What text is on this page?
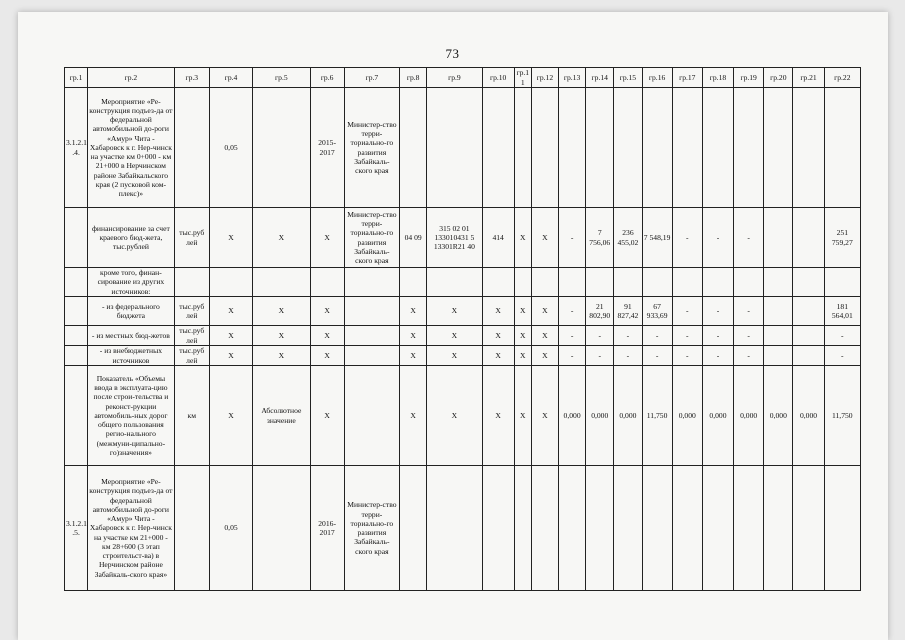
73
гр.1	гр.2	гр.3	гр.4	гр.5	гр.6	гр.7	гр.8	гр.9	гр.10	гр.1 1	гр.12	гр.13	гр.14	гр.15	гр.16	гр.17	гр.18	гр.19	гр.20	гр.21	гр.22
3.1.2.1 .4.	Мероприятие «Ре-конструкция подъез-да от федеральной автомобильной до-роги «Амур» Чита - Хабаровск к г. Нер-чинск на участке км 0+000 - км 21+000 в Нерчинском районе Забайкальского края (2 пусковой ком-плекс)»		0,05		2015-2017	Министер-ство терри-ториально-го развития Забайкаль-ского края															
	финансирование за счет краевого бюд-жета, тыс.рублей	тыс.руб лей	X	X	X	Министер-ство терри-ториально-го развития Забайкаль-ского края	04 09	315 02 01 133010431 5 13301R21 40	414	X	X	-	7 756,06	236 455,02	7 548,19	-	-	-			251 759,27
	кроме того, финан-сирование из других источников:																				
	- из федерального бюджета	тыс.руб лей	X	X	X		X	X	X	X	X	-	21 802,90	91 827,42	67 933,69	-	-	-			181 564,01
	- из местных бюд-жетов	тыс.руб лей	X	X	X		X	X	X	X	X	-	-	-	-	-	-	-			-
	- из внебюджетных источников	тыс.руб лей	X	X	X		X	X	X	X	X	-	-	-	-	-	-	-			-
	Показатель «Объемы ввода в эксплуата-цию после строи-тельства и реконст-рукции автомобиль-ных дорог общего пользования регио-нального (межмуни-ципально-го)значения»	км	X	Абсолютное значение	X		X	X	X	X	X	0,000	0,000	0,000	11,750	0,000	0,000	0,000	0,000	0,000	11,750
3.1.2.1 .5.	Мероприятие «Ре-конструкция подъез-да от федеральной автомобильной до-роги «Амур» Чита - Хабаровск к г. Нер-чинск на участке км 21+000 - км 28+600 (3 этап строительст-ва) в Нерчинском районе Забайкаль-ского края»		0,05		2016-2017	Министер-ство терри-ториально-го развития Забайкаль-ского края															
